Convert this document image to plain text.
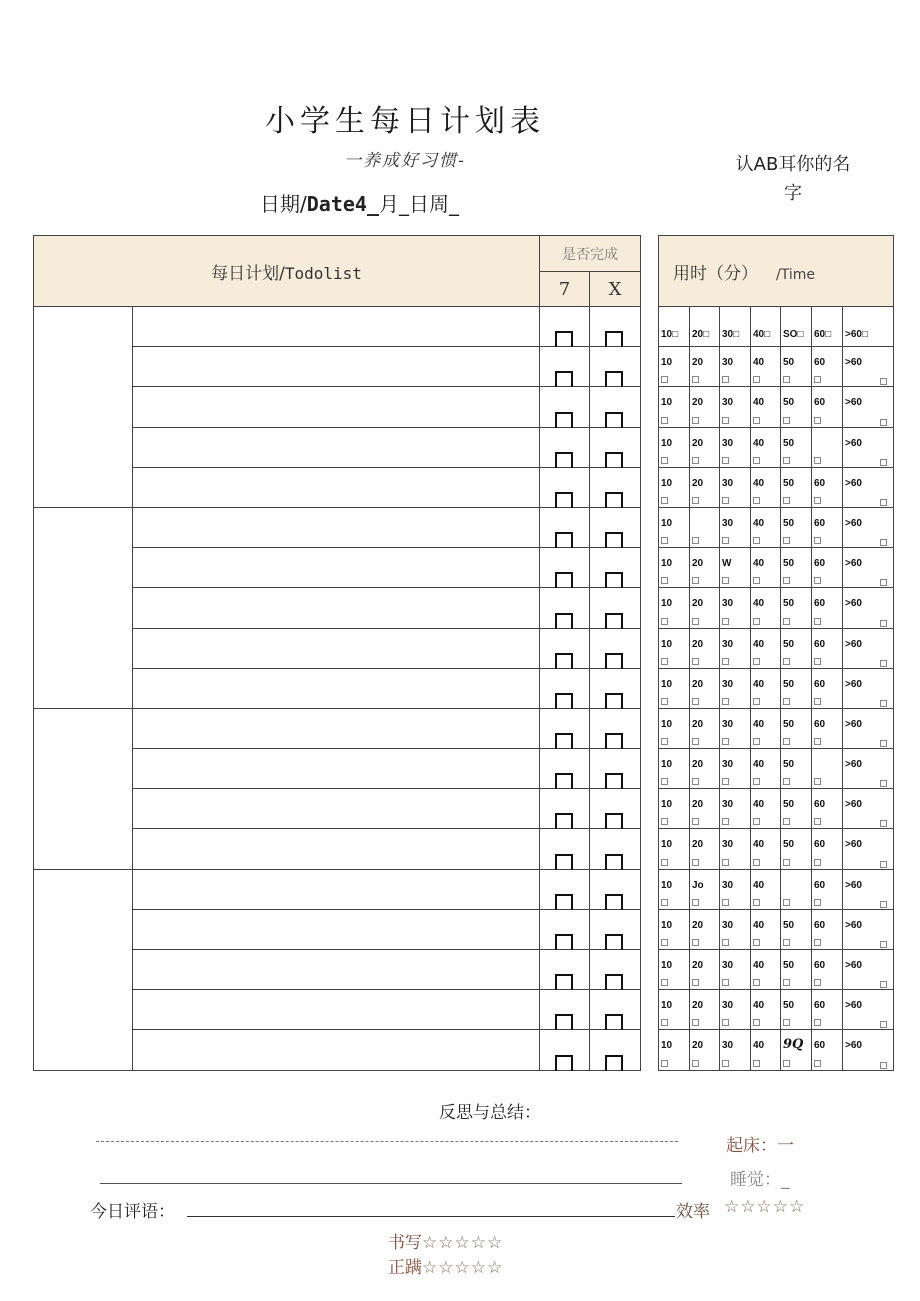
小学生每日计划表
一养成好习惯-	认AB耳你的名
字
日期/Date4_月_日周_
每日计划/Todolist		是否完成	
		7	X

用时（分） /Time						

10□	20□	30□	40□	SO□	60□	>60□

10	20	30	40	50	60	>60

10	20	30	40	50	60	>60

10	20	30	40	50		>60

10	20	30	40	50	60	>60

10		30	40	50	60	>60

10	20	W	40	50	60	>60

10	20	30	40	50	60	>60

10	20	30	40	50	60	>60

10	20	30	40	50	60	>60

10	20	30	40	50	60	>60

10	20	30	40	50		>60

10	20	30	40	50	60	>60

10	20	30	40	50	60	>60

10	Jo	30	40		60	>60

10	20	30	40	50	60	>60

10	20	30	40	50	60	>60

10	20	30	40	50	60	>60

10	20	30	40	9Q	60	>60
反思与总结：
起床：一
睡觉：_
今日评语：	效率 ☆☆☆☆☆
书写☆☆☆☆☆
正蹒☆☆☆☆☆
